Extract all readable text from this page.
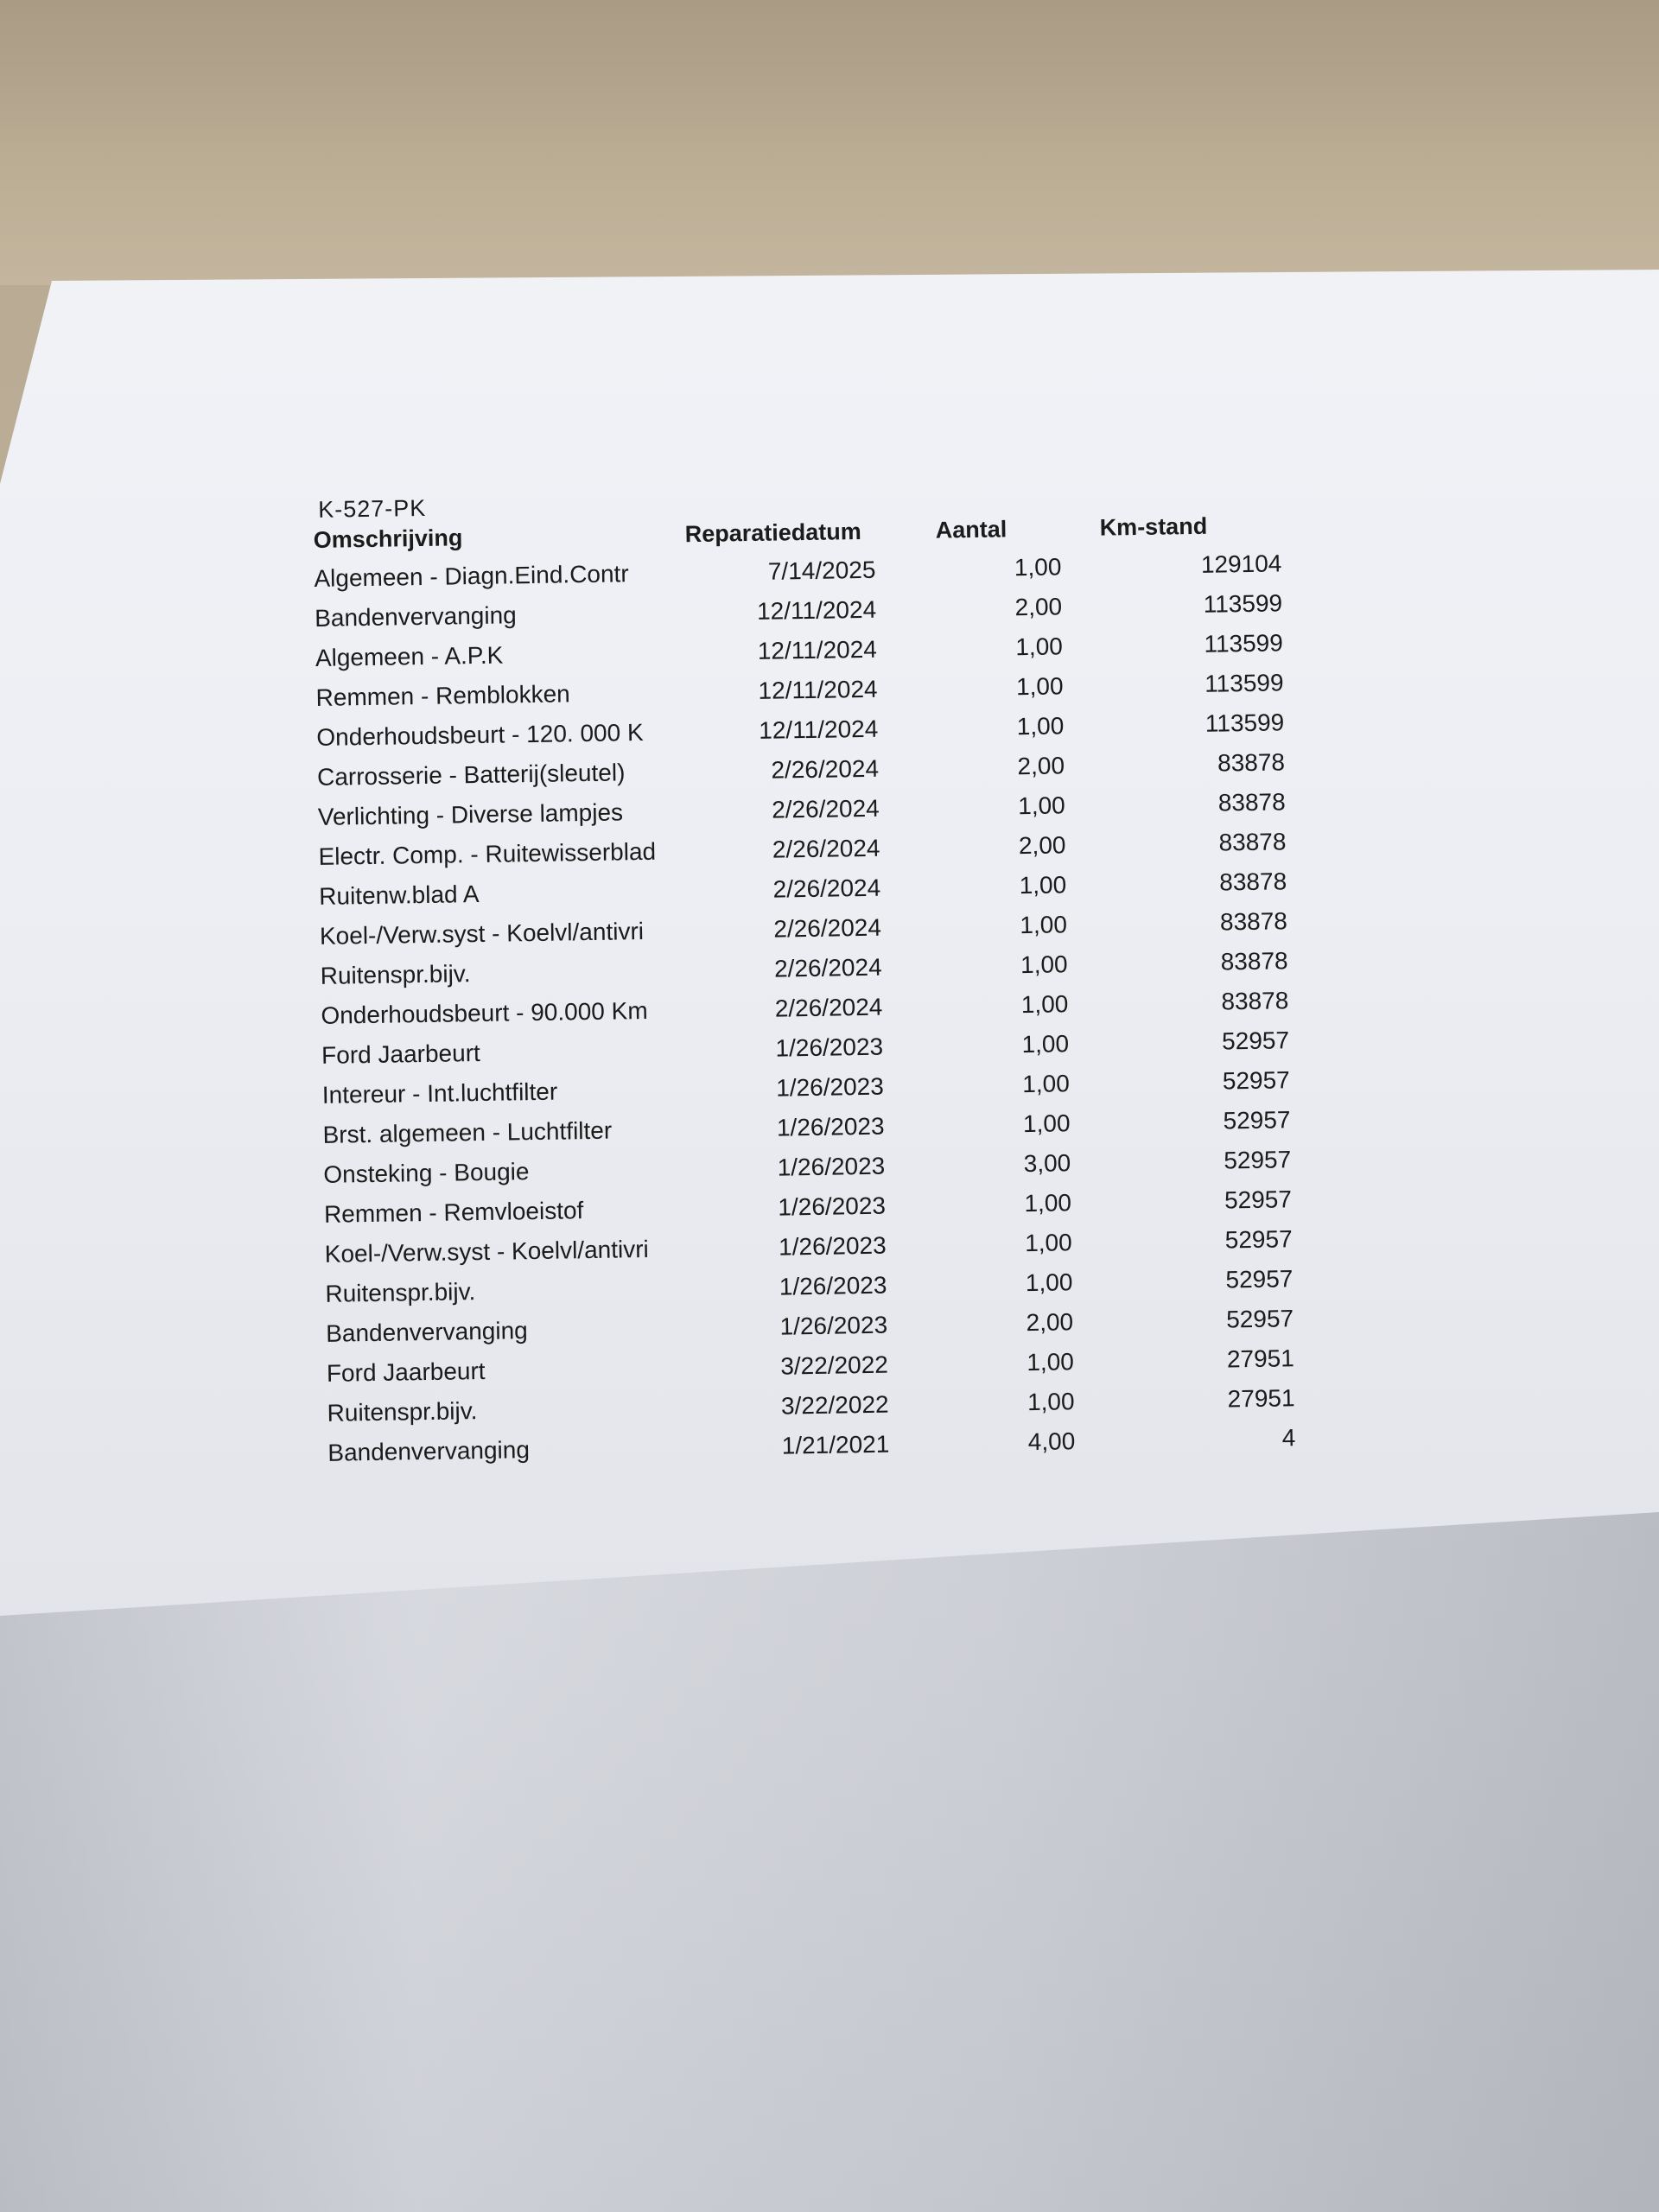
K-527-PK
Omschrijving	Reparatiedatum	Aantal	Km-stand
Algemeen - Diagn.Eind.Contr	7/14/2025	1,00	129104
Bandenvervanging	12/11/2024	2,00	113599
Algemeen - A.P.K	12/11/2024	1,00	113599
Remmen - Remblokken	12/11/2024	1,00	113599
Onderhoudsbeurt - 120. 000 K	12/11/2024	1,00	113599
Carrosserie - Batterij(sleutel)	2/26/2024	2,00	83878
Verlichting - Diverse lampjes	2/26/2024	1,00	83878
Electr. Comp. - Ruitewisserblad	2/26/2024	2,00	83878
Ruitenw.blad A	2/26/2024	1,00	83878
Koel-/Verw.syst - Koelvl/antivri	2/26/2024	1,00	83878
Ruitenspr.bijv.	2/26/2024	1,00	83878
Onderhoudsbeurt - 90.000 Km	2/26/2024	1,00	83878
Ford Jaarbeurt	1/26/2023	1,00	52957
Intereur - Int.luchtfilter	1/26/2023	1,00	52957
Brst. algemeen - Luchtfilter	1/26/2023	1,00	52957
Onsteking - Bougie	1/26/2023	3,00	52957
Remmen - Remvloeistof	1/26/2023	1,00	52957
Koel-/Verw.syst - Koelvl/antivri	1/26/2023	1,00	52957
Ruitenspr.bijv.	1/26/2023	1,00	52957
Bandenvervanging	1/26/2023	2,00	52957
Ford Jaarbeurt	3/22/2022	1,00	27951
Ruitenspr.bijv.	3/22/2022	1,00	27951
Bandenvervanging	1/21/2021	4,00	4
